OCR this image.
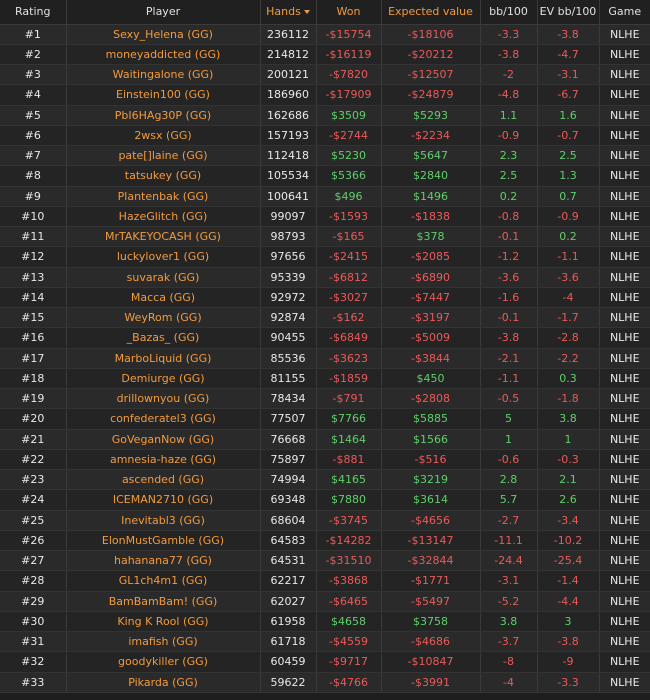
Rating	Player	Hands	Won	Expected value	bb/100	EV bb/100	Game
#1	Sexy_Helena (GG)	236112	-$15754	-$18106	-3.3	-3.8	NLHE
#2	moneyaddicted (GG)	214812	-$16119	-$20212	-3.8	-4.7	NLHE
#3	Waitingalone (GG)	200121	-$7820	-$12507	-2	-3.1	NLHE
#4	Einstein100 (GG)	186960	-$17909	-$24879	-4.8	-6.7	NLHE
#5	PbI6HAg30P (GG)	162686	$3509	$5293	1.1	1.6	NLHE
#6	2wsx (GG)	157193	-$2744	-$2234	-0.9	-0.7	NLHE
#7	pate[]laine (GG)	112418	$5230	$5647	2.3	2.5	NLHE
#8	tatsukey (GG)	105534	$5366	$2840	2.5	1.3	NLHE
#9	Plantenbak (GG)	100641	$496	$1496	0.2	0.7	NLHE
#10	HazeGlitch (GG)	99097	-$1593	-$1838	-0.8	-0.9	NLHE
#11	MrTAKEYOCASH (GG)	98793	-$165	$378	-0.1	0.2	NLHE
#12	luckylover1 (GG)	97656	-$2415	-$2085	-1.2	-1.1	NLHE
#13	suvarak (GG)	95339	-$6812	-$6890	-3.6	-3.6	NLHE
#14	Macca (GG)	92972	-$3027	-$7447	-1.6	-4	NLHE
#15	WeyRom (GG)	92874	-$162	-$3197	-0.1	-1.7	NLHE
#16	_Bazas_ (GG)	90455	-$6849	-$5009	-3.8	-2.8	NLHE
#17	MarboLiquid (GG)	85536	-$3623	-$3844	-2.1	-2.2	NLHE
#18	Demiurge (GG)	81155	-$1859	$450	-1.1	0.3	NLHE
#19	drillownyou (GG)	78434	-$791	-$2808	-0.5	-1.8	NLHE
#20	confederatel3 (GG)	77507	$7766	$5885	5	3.8	NLHE
#21	GoVeganNow (GG)	76668	$1464	$1566	1	1	NLHE
#22	amnesia-haze (GG)	75897	-$881	-$516	-0.6	-0.3	NLHE
#23	ascended (GG)	74994	$4165	$3219	2.8	2.1	NLHE
#24	ICEMAN2710 (GG)	69348	$7880	$3614	5.7	2.6	NLHE
#25	Inevitabl3 (GG)	68604	-$3745	-$4656	-2.7	-3.4	NLHE
#26	ElonMustGamble (GG)	64583	-$14282	-$13147	-11.1	-10.2	NLHE
#27	hahanana77 (GG)	64531	-$31510	-$32844	-24.4	-25.4	NLHE
#28	GL1ch4m1 (GG)	62217	-$3868	-$1771	-3.1	-1.4	NLHE
#29	BamBamBam! (GG)	62027	-$6465	-$5497	-5.2	-4.4	NLHE
#30	King K Rool (GG)	61958	$4658	$3758	3.8	3	NLHE
#31	imafish (GG)	61718	-$4559	-$4686	-3.7	-3.8	NLHE
#32	goodykiller (GG)	60459	-$9717	-$10847	-8	-9	NLHE
#33	Pikarda (GG)	59622	-$4766	-$3991	-4	-3.3	NLHE
